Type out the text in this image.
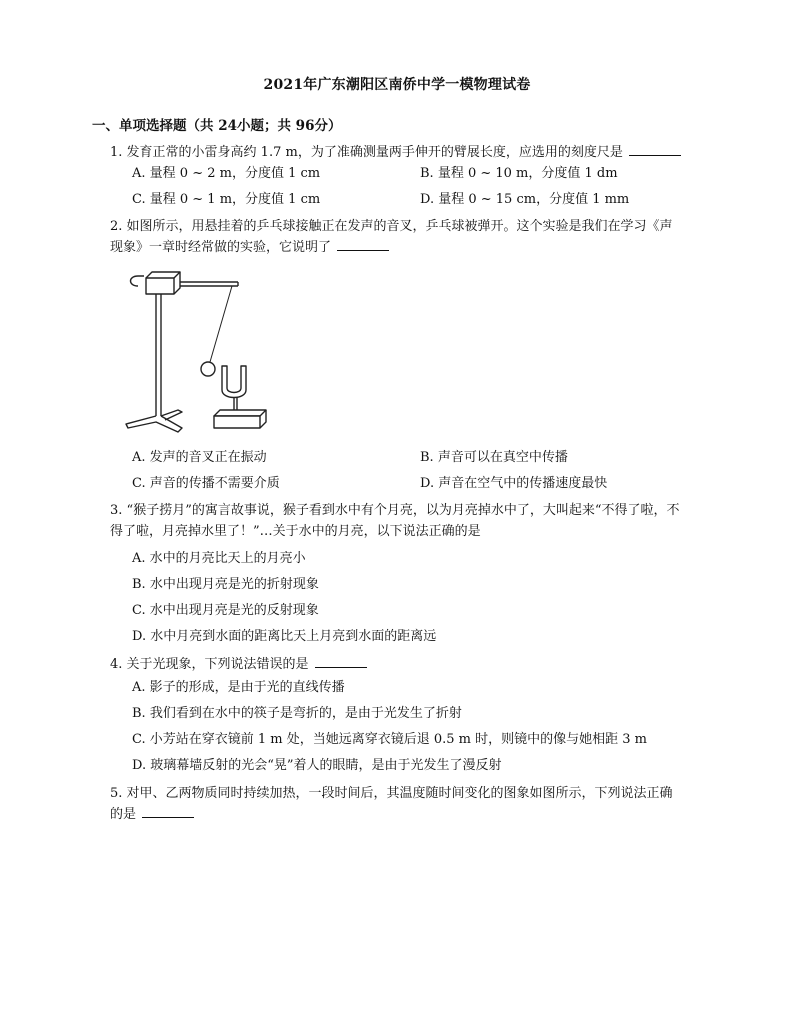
2021年广东潮阳区南侨中学一模物理试卷
一、单项选择题（共 24小题；共 96分）
1. 发育正常的小雷身高约 1.7 m，为了准确测量两手伸开的臂展长度，应选用的刻度尺是
A. 量程 0 ~ 2 m，分度值 1 cm	B. 量程 0 ~ 10 m，分度值 1 dm
C. 量程 0 ~ 1 m，分度值 1 cm	D. 量程 0 ~ 15 cm，分度值 1 mm
2. 如图所示，用悬挂着的乒乓球接触正在发声的音叉，乒乓球被弹开。这个实验是我们在学习《声
现象》一章时经常做的实验，它说明了
A. 发声的音叉正在振动	B. 声音可以在真空中传播
C. 声音的传播不需要介质	D. 声音在空气中的传播速度最快
3. “猴子捞月”的寓言故事说，猴子看到水中有个月亮，以为月亮掉水中了，大叫起来“不得了啦，不
得了啦，月亮掉水里了！”…关于水中的月亮，以下说法正确的是
A. 水中的月亮比天上的月亮小
B. 水中出现月亮是光的折射现象
C. 水中出现月亮是光的反射现象
D. 水中月亮到水面的距离比天上月亮到水面的距离远
4. 关于光现象，下列说法错误的是
A. 影子的形成，是由于光的直线传播
B. 我们看到在水中的筷子是弯折的，是由于光发生了折射
C. 小芳站在穿衣镜前 1 m 处，当她远离穿衣镜后退 0.5 m 时，则镜中的像与她相距 3 m
D. 玻璃幕墙反射的光会“晃”着人的眼睛，是由于光发生了漫反射
5. 对甲、乙两物质同时持续加热，一段时间后，其温度随时间变化的图象如图所示，下列说法正确
的是
